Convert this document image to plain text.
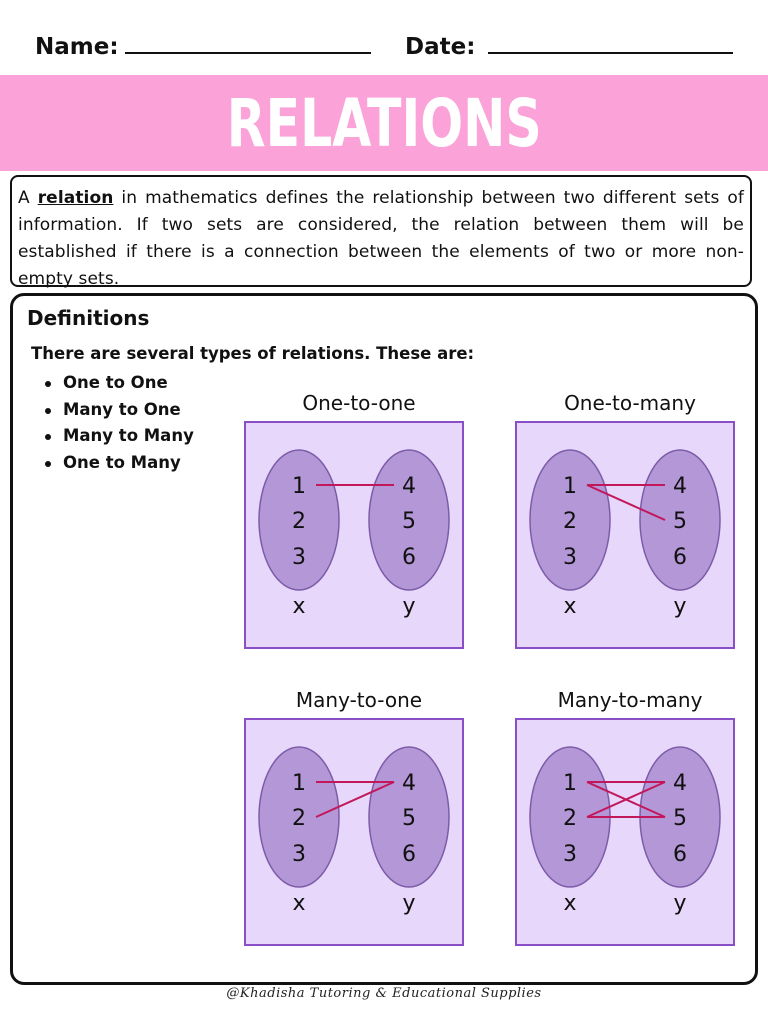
Name:	Date:
RELATIONS
A relation in mathematics defines the relationship between two different sets of information. If two sets are considered, the relation between them will be established if there is a connection between the elements of two or more non-empty sets.
Definitions
There are several types of relations. These are:
One to One
Many to One
Many to Many
One to Many
One-to-one
1
2
3
4
5
6
x	y
One-to-many
1
2
3
4
5
6
x	y
Many-to-one
1
2
3
4
5
6
x	y
Many-to-many
1
2
3
4
5
6
x	y
@Khadisha Tutoring & Educational Supplies
